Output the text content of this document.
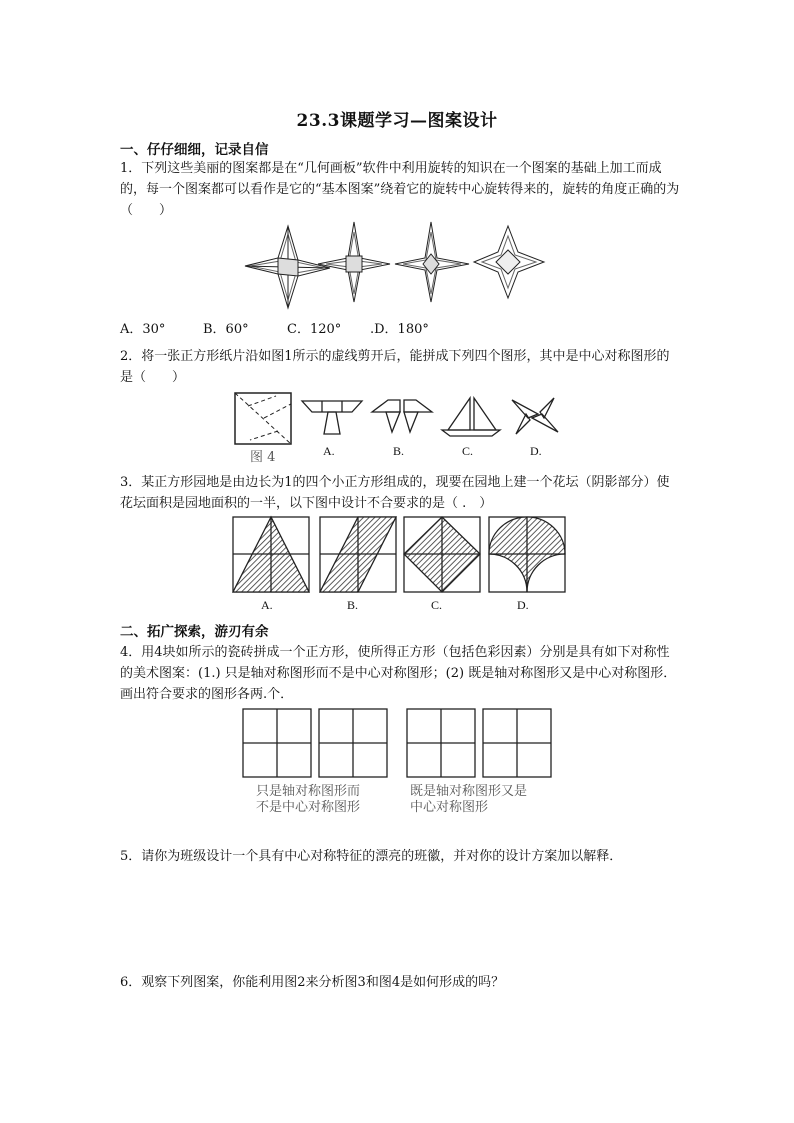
23.3课题学习—图案设计
一、仔仔细细，记录自信
1．下列这些美丽的图案都是在“几何画板”软件中利用旋转的知识在一个图案的基础上加工而成的，每一个图案都可以看作是它的“基本图案”绕着它的旋转中心旋转得来的，旋转的角度正确的为（　　）
A．30°	B．60°	C．120° .D．180°
2．将一张正方形纸片沿如图1所示的虚线剪开后，能拼成下列四个图形，其中是中心对称图形的是（　　）
图 4	A.	B.	C.	D.
3．某正方形园地是由边长为1的四个小正方形组成的，现要在园地上建一个花坛（阴影部分）使花坛面积是园地面积的一半，以下图中设计不合要求的是（ .　）
A.	B.	C.	D.
二、拓广探索，游刃有余
4．用4块如所示的瓷砖拼成一个正方形，使所得正方形（包括色彩因素）分别是具有如下对称性的美术图案：(1.) 只是轴对称图形而不是中心对称图形；(2) 既是轴对称图形又是中心对称图形．画出符合要求的图形各两.个．
只是轴对称图形而
不是中心对称图形
既是轴对称图形又是
中心对称图形
5．请你为班级设计一个具有中心对称特征的漂亮的班徽，并对你的设计方案加以解释．
6．观察下列图案，你能利用图2来分析图3和图4是如何形成的吗？
